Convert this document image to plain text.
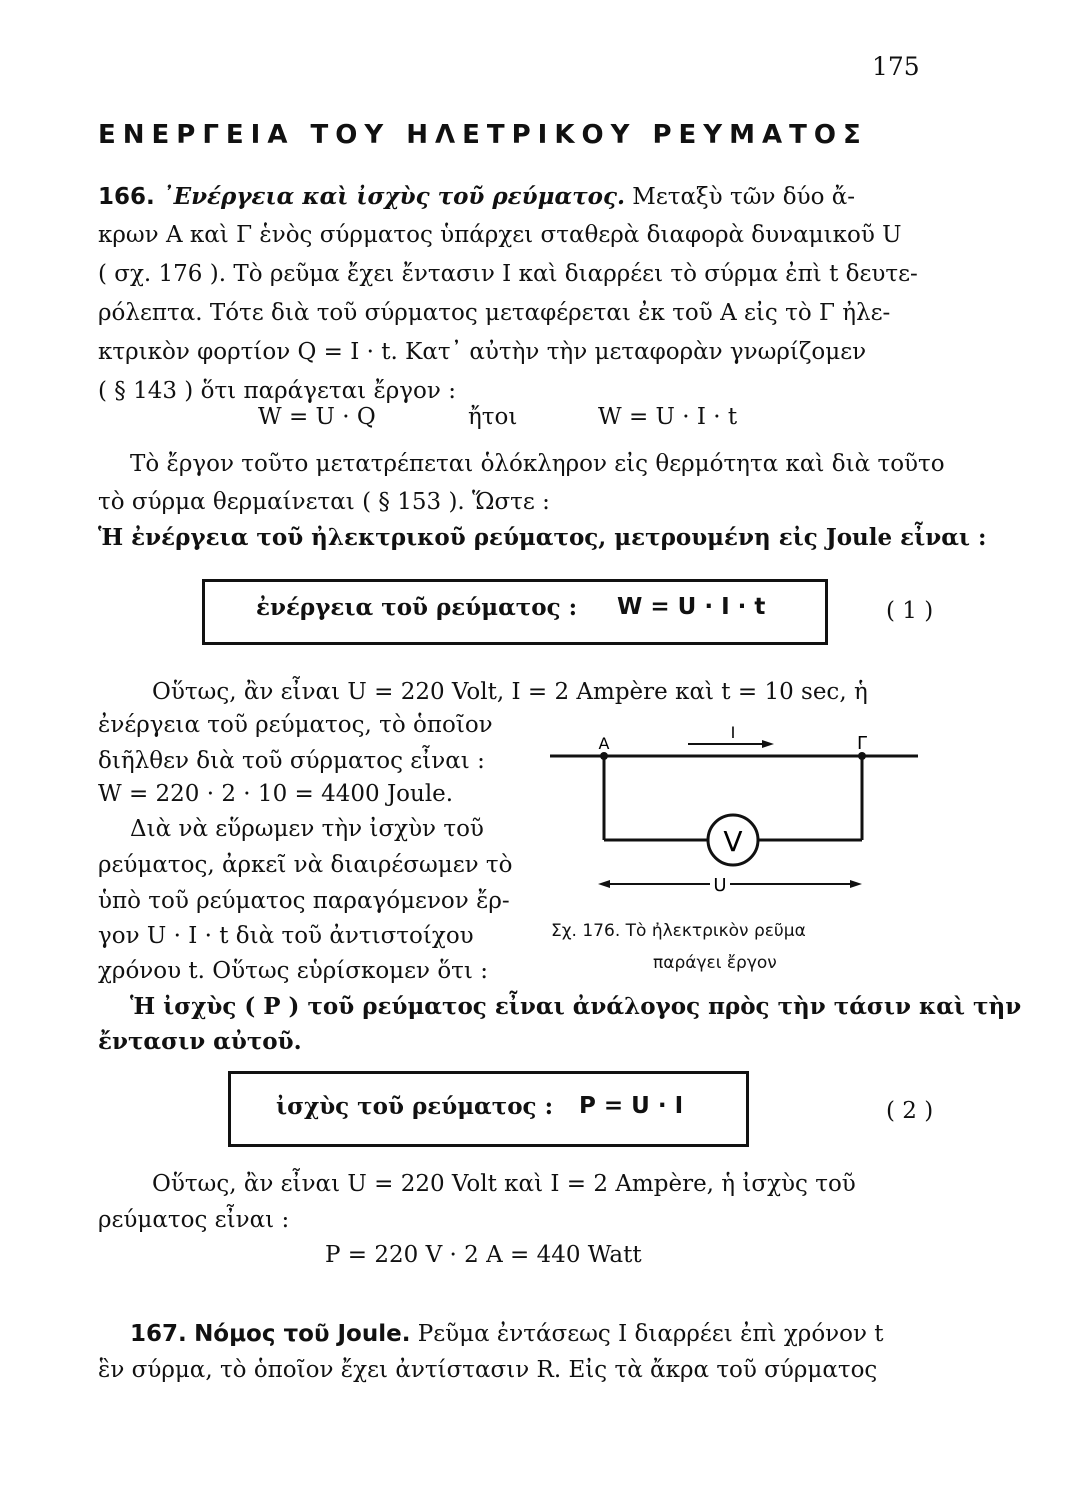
175
ΕΝΕΡΓΕΙΑ ΤΟΥ ΗΛΕΤΡΙΚΟΥ ΡΕΥΜΑΤΟΣ
166. ᾿Ενέργεια καὶ ἰσχὺς τοῦ ρεύματος. Μεταξὺ τῶν δύο ἄ-
κρων Α καὶ Γ ἑνὸς σύρματος ὑπάρχει σταθερὰ διαφορὰ δυναμικοῦ U
( σχ. 176 ). Τὸ ρεῦμα ἔχει ἔντασιν I καὶ διαρρέει τὸ σύρμα ἐπὶ t δευτε-
ρόλεπτα. Τότε διὰ τοῦ σύρματος μεταφέρεται ἐκ τοῦ Α εἰς τὸ Γ ἠλε-
κτρικὸν φορτίον Q = I · t. Κατ᾿ αὐτὴν τὴν μεταφορὰν γνωρίζομεν
( § 143 ) ὅτι παράγεται ἔργον :
W = U · Q	ἤτοι	W = U · I · t
Τὸ ἔργον τοῦτο μετατρέπεται ὁλόκληρον εἰς θερμότητα καὶ διὰ τοῦτο
τὸ σύρμα θερμαίνεται ( § 153 ). Ὥστε :
Ἡ ἐνέργεια τοῦ ἠλεκτρικοῦ ρεύματος, μετρουμένη εἰς Joule εἶναι :
ἐνέργεια τοῦ ρεύματος : W = U · I · t	( 1 )
Οὕτως, ἂν εἶναι U = 220 Volt, I = 2 Ampère καὶ t = 10 sec, ἡ
ἐνέργεια τοῦ ρεύματος, τὸ ὁποῖον
διῆλθεν διὰ τοῦ σύρματος εἶναι :
W = 220 · 2 · 10 = 4400 Joule.
Διὰ νὰ εὕρωμεν τὴν ἰσχὺν τοῦ
ρεύματος, ἀρκεῖ νὰ διαιρέσωμεν τὸ
ὑπὸ τοῦ ρεύματος παραγόμενον ἔρ-
γον U · I · t διὰ τοῦ ἀντιστοίχου
χρόνου t. Οὕτως εὑρίσκομεν ὅτι :
V
Α	Γ
I
U
Σχ. 176. Τὸ ἠλεκτρικὸν ρεῦμα
παράγει ἔργον
Ἡ ἰσχὺς ( P ) τοῦ ρεύματος εἶναι ἀνάλογος πρὸς τὴν τάσιν καὶ τὴν
ἔντασιν αὐτοῦ.
ἰσχὺς τοῦ ρεύματος : P = U · I	( 2 )
Οὕτως, ἂν εἶναι U = 220 Volt καὶ I = 2 Ampère, ἡ ἰσχὺς τοῦ
ρεύματος εἶναι :
P = 220 V · 2 A = 440 Watt
167. Νόμος τοῦ Joule. Ρεῦμα ἐντάσεως I διαρρέει ἐπὶ χρόνον t
ἓν σύρμα, τὸ ὁποῖον ἔχει ἀντίστασιν R. Εἰς τὰ ἄκρα τοῦ σύρματος
